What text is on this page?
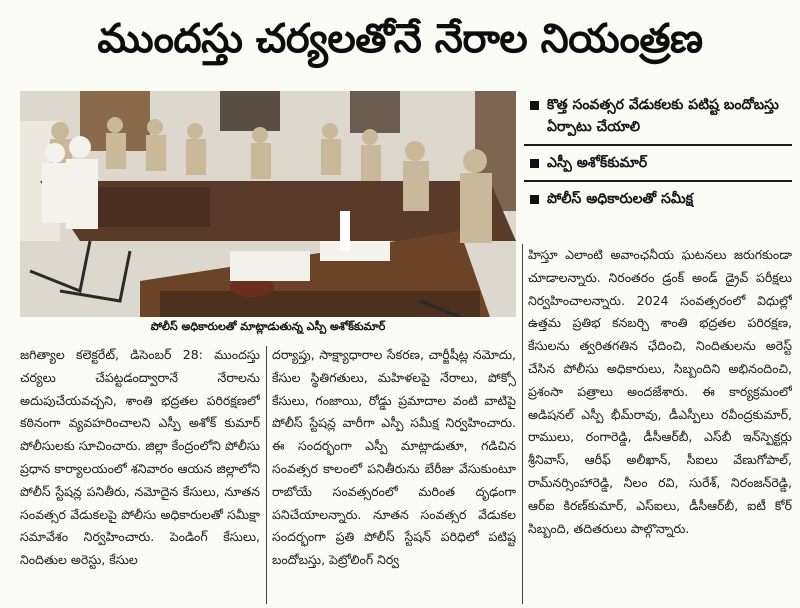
ముందస్తు చర్యలతోనే నేరాల నియంత్రణ
పోలీస్ అధికారులతో మాట్లాడుతున్న ఎస్పీ అశోక్‌కుమార్
కొత్త సంవత్సర వేడుకలకు పటిష్ట బందోబస్తు ఏర్పాటు చేయాలి
ఎస్పీ అశోక్‌కుమార్
పోలీస్ అధికారులతో సమీక్ష

జగిత్యాల కలెక్టరేట్, డిసెంబర్ 28: ముందస్తు చర్యలు చేపట్టడంద్వారానే నేరాలను అదుపుచేయవచ్చని, శాంతి భద్రతల పరిరక్షణలో కఠినంగా వ్యవహరించాలని ఎస్పీ అశోక్ కుమార్ పోలీసులకు సూచించారు. జిల్లా కేంద్రంలోని పోలీసు ప్రధాన కార్యాలయంలో శనివారం ఆయన జిల్లాలోని పోలీస్ స్టేషన్ల పనితీరు, నమోదైన కేసులు, నూతన సంవత్సర వేడుకలపై పోలీసు అధికారులతో సమీక్షా సమావేశం నిర్వహించారు. పెండింగ్ కేసులు, నిందితుల అరెస్టు, కేసుల

దర్యాప్తు, సాక్ష్యాధారాల సేకరణ, చార్జీషీట్ల నమోదు, కేసుల స్థితిగతులు, మహిళలపై నేరాలు, పోక్సో కేసులు, గంజాయి, రోడ్డు ప్రమాదాల వంటి వాటిపై పోలీస్ స్టేషన్ల వారీగా ఎస్పీ సమీక్ష నిర్వహించారు. ఈ సందర్భంగా ఎస్పీ మాట్లాడుతూ, గడిచిన సంవత్సర కాలంలో పనితీరును బేరీజు వేసుకుంటూ రాబోయే సంవత్సరంలో మరింత దృఢంగా పనిచేయాలన్నారు. నూతన సంవత్సర వేడుకల సందర్భంగా ప్రతి పోలీస్ స్టేషన్ పరిధిలో పటిష్ట బందోబస్తు, పెట్రోలింగ్ నిర్వ

హిస్తూ ఎలాంటి అవాంఛనీయ ఘటనలు జరుగకుండా చూడాలన్నారు. నిరంతరం డ్రంక్ అండ్ డ్రైవ్ పరీక్షలు నిర్వహించాలన్నారు. 2024 సంవత్సరంలో విధుల్లో ఉత్తమ ప్రతిభ కనబర్చి శాంతి భద్రతల పరిరక్షణ, కేసులను త్వరితగతిన ఛేదించి, నిందితులను అరెస్ట్ చేసిన పోలీసు అధికారులు, సిబ్బందిని అభినందించి, ప్రశంసా పత్రాలు అందజేశారు. ఈ కార్యక్రమంలో అడిషనల్ ఎస్పీ భీమ్‌రావు, డీఎస్పీలు రవీంద్రకుమార్, రాములు, రంగారెడ్డి, డీసీఆర్‌బీ, ఎస్‌బీ ఇన్‌స్పెక్టర్లు శ్రీనివాస్, ఆరీఫ్ అలీఖాన్, సీఐలు వేణుగోపాల్, రామ్‌నర్సింహారెడ్డి, నీలం రవి, సురేశ్, నిరంజన్‌రెడ్డి, ఆర్ఐ కిరణ్‌కుమార్, ఎస్ఐలు, డీసీఆర్‌బీ, ఐటీ కోర్ సిబ్బంది, తదితరులు పాల్గొన్నారు.
